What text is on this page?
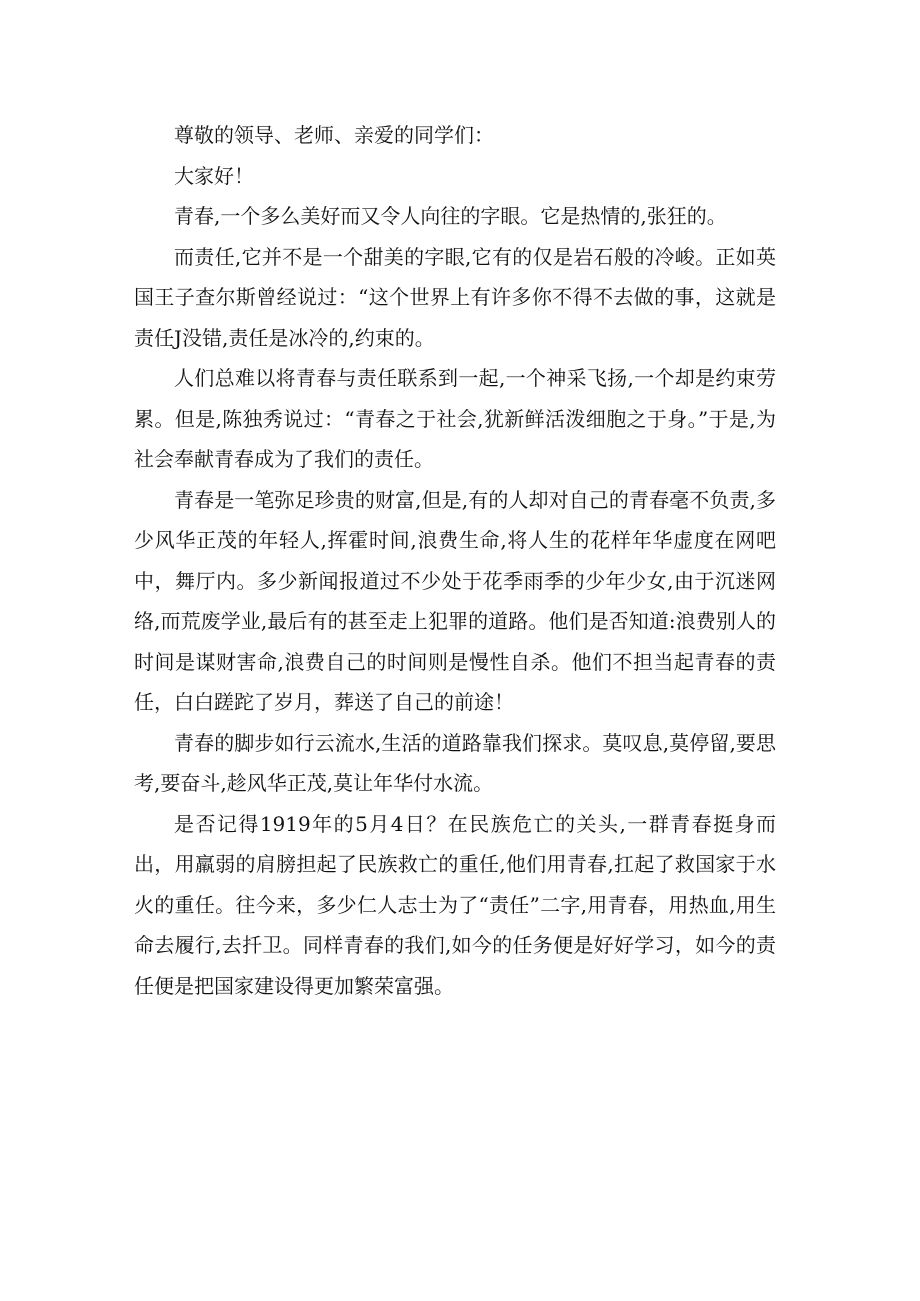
尊敬的领导、老师、亲爱的同学们：

大家好！

青春,一个多么美好而又令人向往的字眼。它是热情的,张狂的。

而责任,它并不是一个甜美的字眼,它有的仅是岩石般的冷峻。正如英国王子查尔斯曾经说过：“这个世界上有许多你不得不去做的事，这就是责任J没错,责任是冰冷的,约束的。

人们总难以将青春与责任联系到一起,一个神采飞扬,一个却是约束劳累。但是,陈独秀说过：“青春之于社会,犹新鲜活泼细胞之于身。”于是,为社会奉献青春成为了我们的责任。

青春是一笔弥足珍贵的财富,但是,有的人却对自己的青春毫不负责,多少风华正茂的年轻人,挥霍时间,浪费生命,将人生的花样年华虚度在网吧中，舞厅内。多少新闻报道过不少处于花季雨季的少年少女,由于沉迷网络,而荒废学业,最后有的甚至走上犯罪的道路。他们是否知道:浪费别人的时间是谋财害命,浪费自己的时间则是慢性自杀。他们不担当起青春的责任，白白蹉跎了岁月，葬送了自己的前途！

青春的脚步如行云流水,生活的道路靠我们探求。莫叹息,莫停留,要思考,要奋斗,趁风华正茂,莫让年华付水流。

是否记得1919年的5月4日？在民族危亡的关头,一群青春挺身而出，用羸弱的肩膀担起了民族救亡的重任,他们用青春,扛起了救国家于水火的重任。往今来，多少仁人志士为了“责任”二字,用青春，用热血,用生命去履行,去扦卫。同样青春的我们,如今的任务便是好好学习，如今的责任便是把国家建设得更加繁荣富强。
